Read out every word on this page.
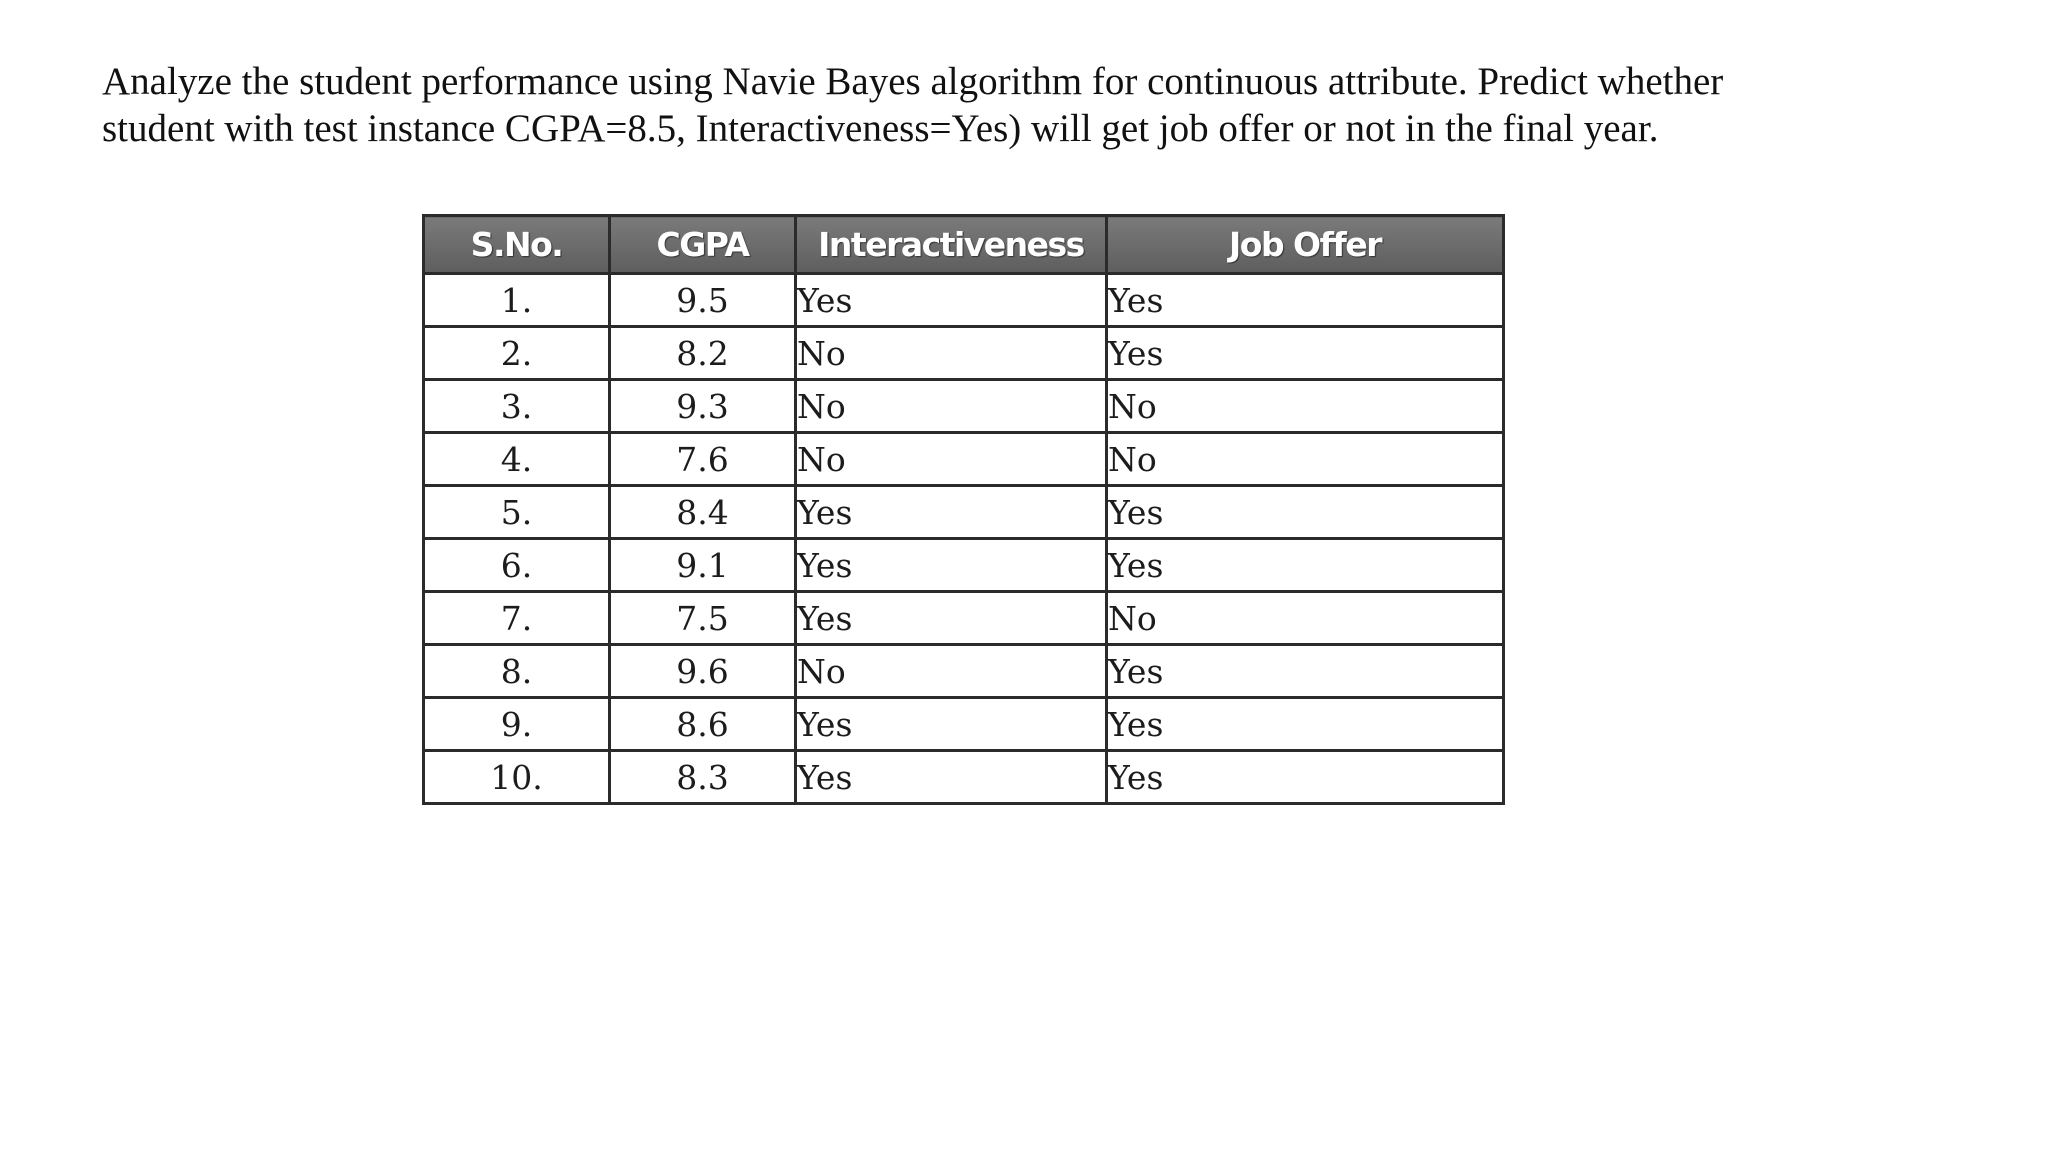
Analyze the student performance using Navie Bayes algorithm for continuous attribute. Predict whether
student with test instance CGPA=8.5, Interactiveness=Yes) will get job offer or not in the final year.

S.No.	CGPA	Interactiveness	Job Offer
1.	9.5	Yes	Yes
2.	8.2	No	Yes
3.	9.3	No	No
4.	7.6	No	No
5.	8.4	Yes	Yes
6.	9.1	Yes	Yes
7.	7.5	Yes	No
8.	9.6	No	Yes
9.	8.6	Yes	Yes
10.	8.3	Yes	Yes
